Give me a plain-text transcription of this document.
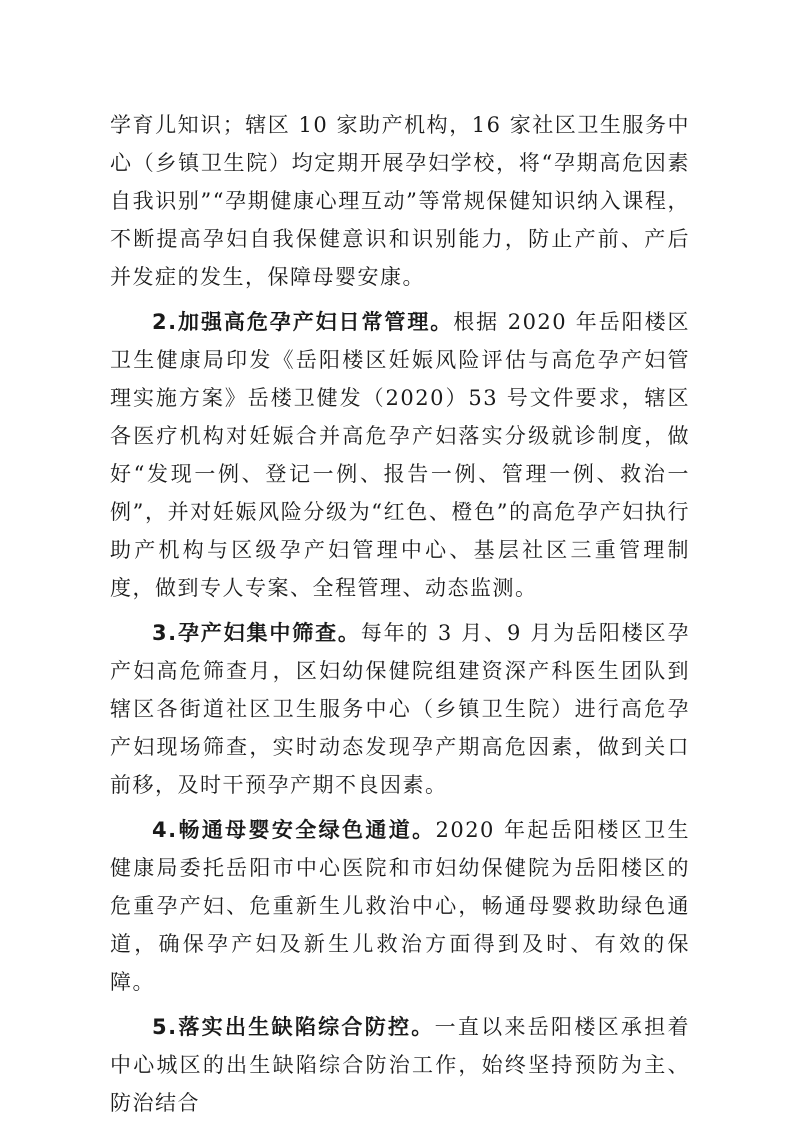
学育儿知识；辖区 10 家助产机构，16 家社区卫生服务中心（乡镇卫生院）均定期开展孕妇学校，将“孕期高危因素自我识别”“孕期健康心理互动”等常规保健知识纳入课程，不断提高孕妇自我保健意识和识别能力，防止产前、产后并发症的发生，保障母婴安康。

2.加强高危孕产妇日常管理。根据 2020 年岳阳楼区卫生健康局印发《岳阳楼区妊娠风险评估与高危孕产妇管理实施方案》岳楼卫健发（2020）53 号文件要求，辖区各医疗机构对妊娠合并高危孕产妇落实分级就诊制度，做好“发现一例、登记一例、报告一例、管理一例、救治一例”，并对妊娠风险分级为“红色、橙色”的高危孕产妇执行助产机构与区级孕产妇管理中心、基层社区三重管理制度，做到专人专案、全程管理、动态监测。

3.孕产妇集中筛查。每年的 3 月、9 月为岳阳楼区孕产妇高危筛查月，区妇幼保健院组建资深产科医生团队到辖区各街道社区卫生服务中心（乡镇卫生院）进行高危孕产妇现场筛查，实时动态发现孕产期高危因素，做到关口前移，及时干预孕产期不良因素。

4.畅通母婴安全绿色通道。2020 年起岳阳楼区卫生健康局委托岳阳市中心医院和市妇幼保健院为岳阳楼区的危重孕产妇、危重新生儿救治中心，畅通母婴救助绿色通道，确保孕产妇及新生儿救治方面得到及时、有效的保障。

5.落实出生缺陷综合防控。一直以来岳阳楼区承担着中心城区的出生缺陷综合防治工作，始终坚持预防为主、防治结合
